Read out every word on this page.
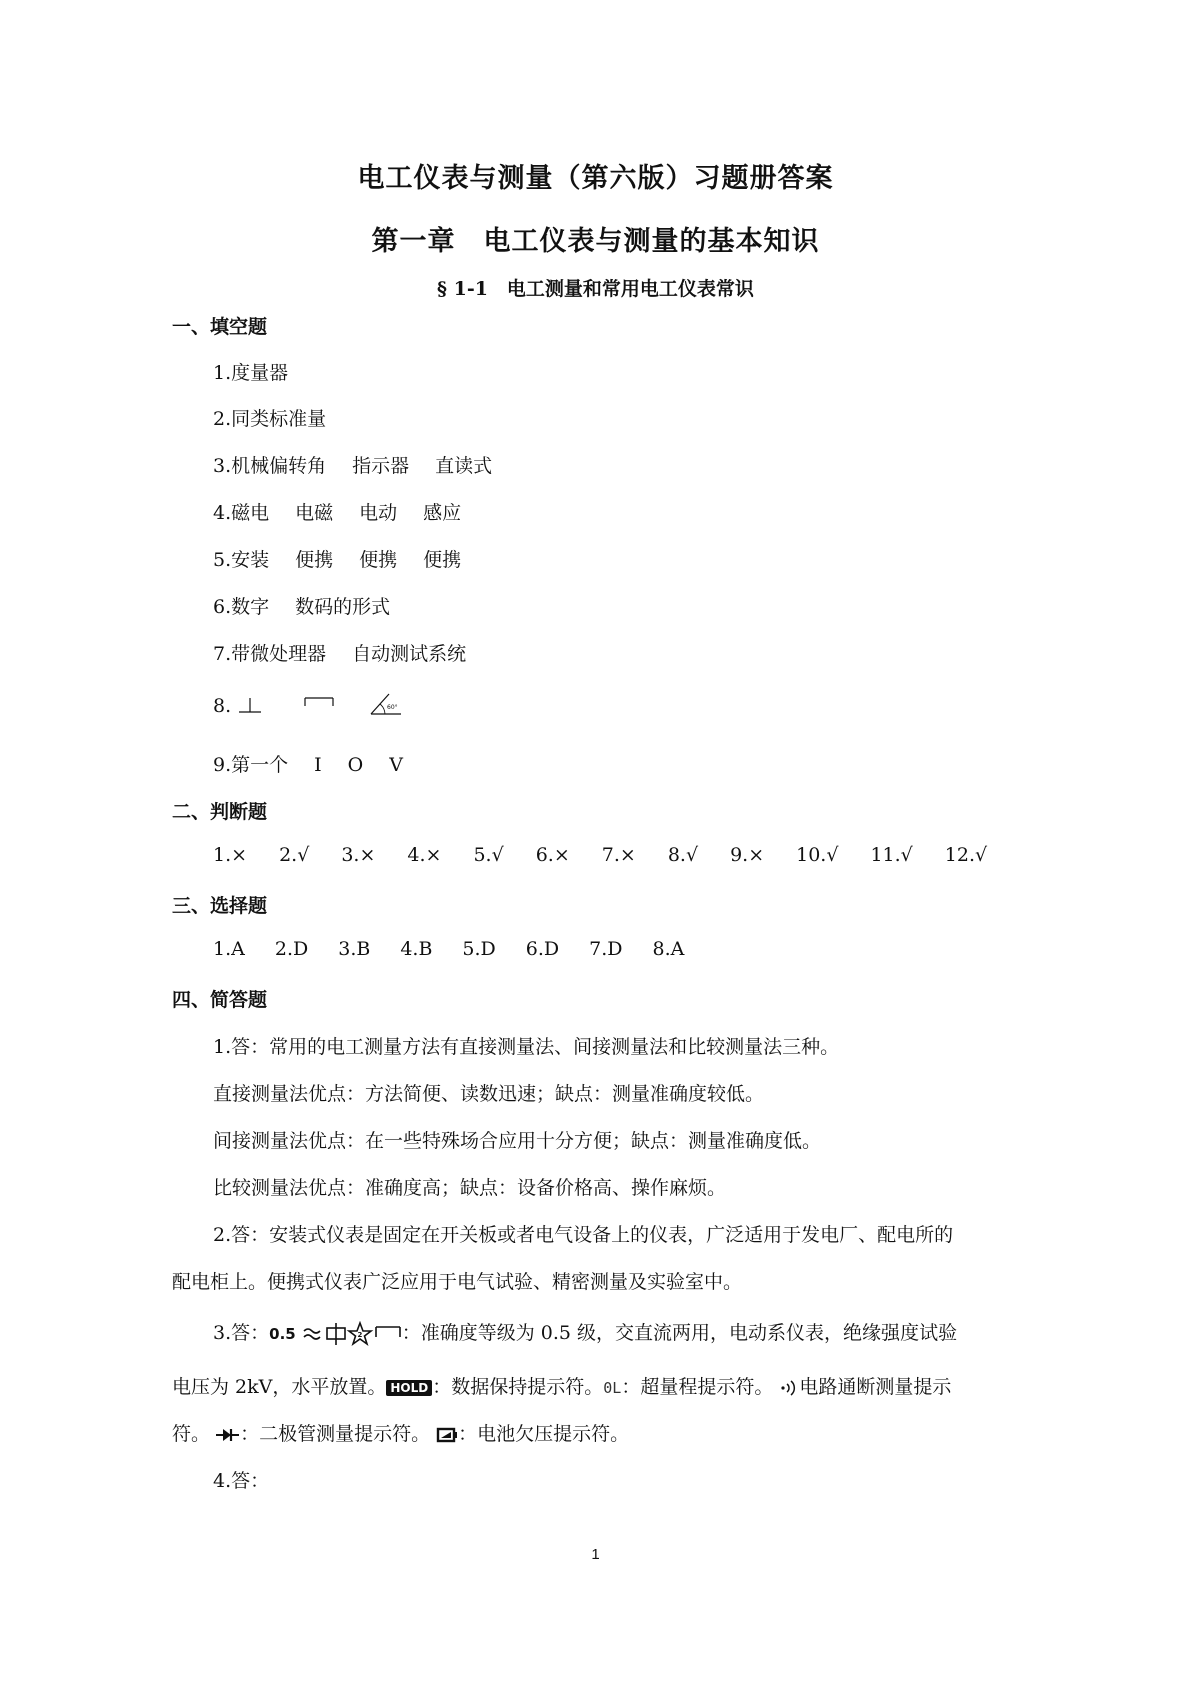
电工仪表与测量（第六版）习题册答案
第一章　电工仪表与测量的基本知识
§ 1-1　电工测量和常用电工仪表常识
一、填空题
1.度量器
2.同类标准量
3.机械偏转角 指示器 直读式
4.磁电 电磁 电动 感应
5.安装 便携 便携 便携
6.数字 数码的形式
7.带微处理器 自动测试系统
8.	60°
9.第一个 I O V
二、判断题
1.× 2.√ 3.× 4.× 5.√ 6.× 7.× 8.√ 9.× 10.√ 11.√ 12.√
三、选择题
1.A 2.D 3.B 4.B 5.D 6.D 7.D 8.A
四、简答题
1.答：常用的电工测量方法有直接测量法、间接测量法和比较测量法三种。
直接测量法优点：方法简便、读数迅速；缺点：测量准确度较低。
间接测量法优点：在一些特殊场合应用十分方便；缺点：测量准确度低。
比较测量法优点：准确度高；缺点：设备价格高、操作麻烦。
2.答：安装式仪表是固定在开关板或者电气设备上的仪表，广泛适用于发电厂、配电所的
配电柜上。便携式仪表广泛应用于电气试验、精密测量及实验室中。
3.答：0.5	2 ：准确度等级为 0.5 级，交直流两用，电动系仪表，绝缘强度试验
电压为 2kV，水平放置。 HOLD ：数据保持提示符。0L：超量程提示符。 电路通断测量提示
符。 ：二极管测量提示符。 ：电池欠压提示符。
4.答：
1
